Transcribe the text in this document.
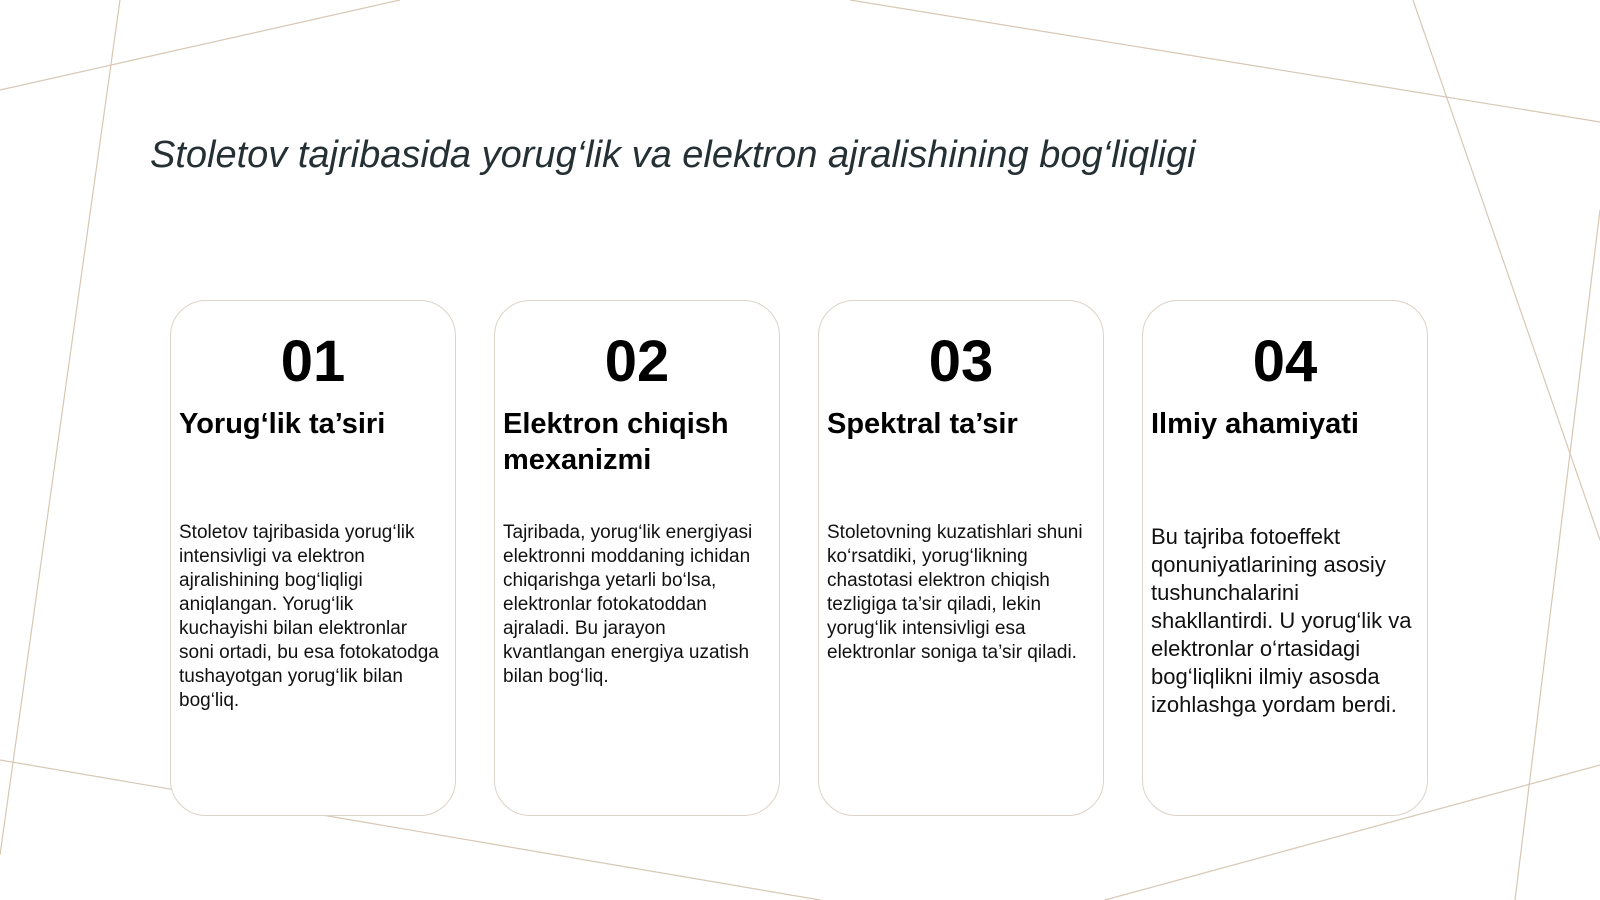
Stoletov tajribasida yorug‘lik va elektron ajralishining bog‘liqligi
01
Yorug‘lik ta’siri
Stoletov tajribasida yorug‘lik intensivligi va elektron ajralishining bog‘liqligi aniqlangan. Yorug‘lik kuchayishi bilan elektronlar soni ortadi, bu esa fotokatodga tushayotgan yorug‘lik bilan bog‘liq.
02
Elektron chiqish mexanizmi
Tajribada, yorug‘lik energiyasi elektronni moddaning ichidan chiqarishga yetarli bo‘lsa, elektronlar fotokatoddan ajraladi. Bu jarayon kvantlangan energiya uzatish bilan bog‘liq.
03
Spektral ta’sir
Stoletovning kuzatishlari shuni ko‘rsatdiki, yorug‘likning chastotasi elektron chiqish tezligiga ta’sir qiladi, lekin yorug‘lik intensivligi esa elektronlar soniga ta’sir qiladi.
04
Ilmiy ahamiyati
Bu tajriba fotoeffekt qonuniyatlarining asosiy tushunchalarini shakllantirdi. U yorug‘lik va elektronlar o‘rtasidagi bog‘liqlikni ilmiy asosda izohlashga yordam berdi.
